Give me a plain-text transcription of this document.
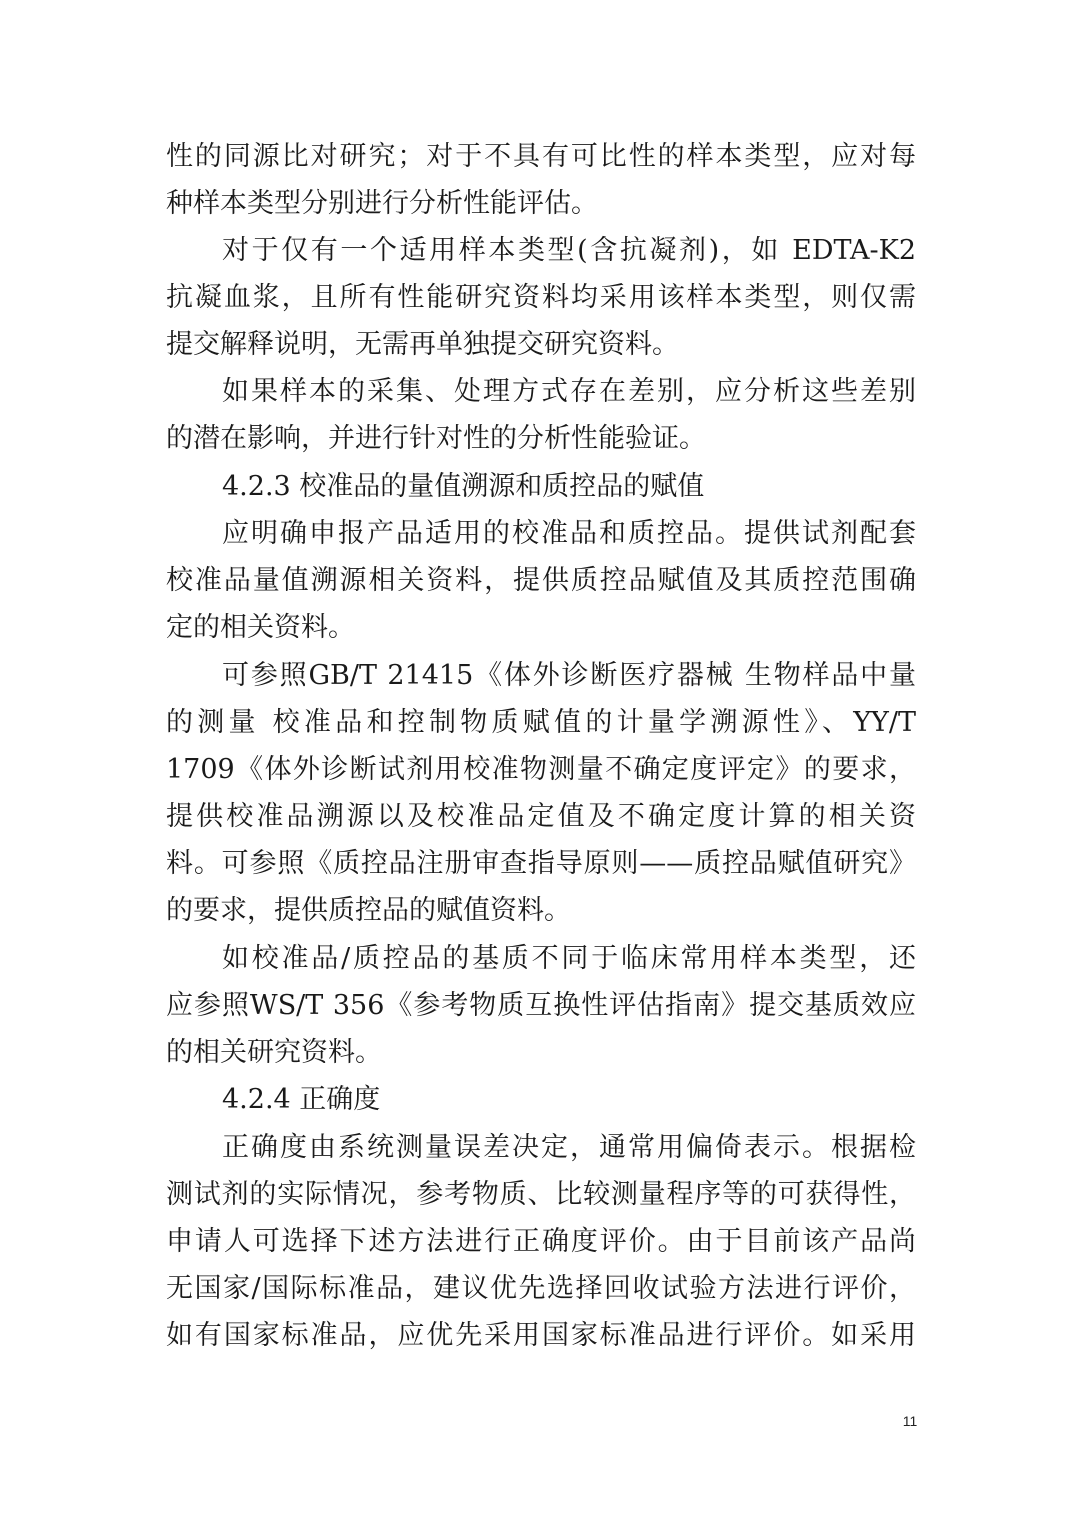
性的同源比对研究；对于不具有可比性的样本类型，应对每
种样本类型分别进行分析性能评估。
对于仅有一个适用样本类型(含抗凝剂)，如 EDTA-K2
抗凝血浆，且所有性能研究资料均采用该样本类型，则仅需
提交解释说明，无需再单独提交研究资料。
如果样本的采集、处理方式存在差别，应分析这些差别
的潜在影响，并进行针对性的分析性能验证。
4.2.3 校准品的量值溯源和质控品的赋值
应明确申报产品适用的校准品和质控品。提供试剂配套
校准品量值溯源相关资料，提供质控品赋值及其质控范围确
定的相关资料。
可参照GB/T 21415《体外诊断医疗器械 生物样品中量
的测量 校准品和控制物质赋值的计量学溯源性》、YY/T
1709《体外诊断试剂用校准物测量不确定度评定》的要求，
提供校准品溯源以及校准品定值及不确定度计算的相关资
料。可参照《质控品注册审查指导原则——质控品赋值研究》
的要求，提供质控品的赋值资料。
如校准品/质控品的基质不同于临床常用样本类型，还
应参照WS/T 356《参考物质互换性评估指南》提交基质效应
的相关研究资料。
4.2.4 正确度
正确度由系统测量误差决定，通常用偏倚表示。根据检
测试剂的实际情况，参考物质、比较测量程序等的可获得性，
申请人可选择下述方法进行正确度评价。由于目前该产品尚
无国家/国际标准品，建议优先选择回收试验方法进行评价，
如有国家标准品，应优先采用国家标准品进行评价。如采用
11
